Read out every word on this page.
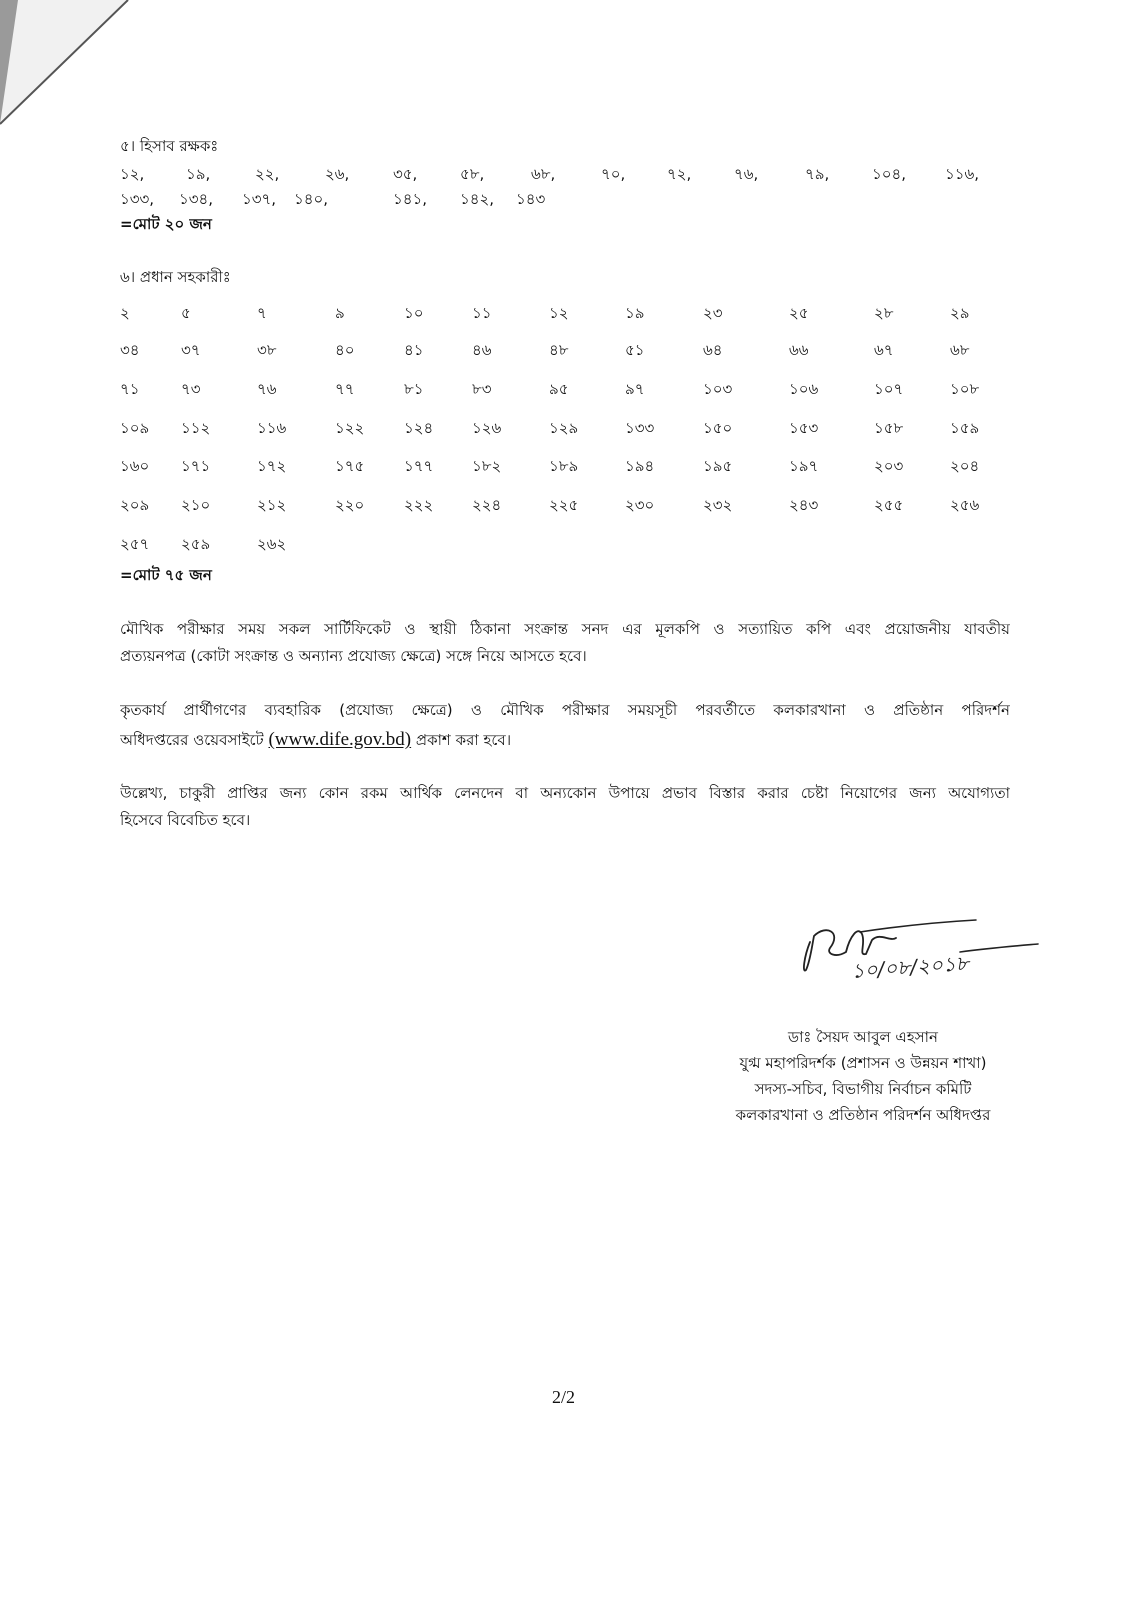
৫। হিসাব রক্ষকঃ
১২,	১৯,	২২,	২৬,	৩৫,	৫৮,	৬৮,	৭০,	৭২,	৭৬,	৭৯,	১০৪,	১১৬,
১৩৩, ১৩৪, ১৩৭, ১৪০,	১৪১, ১৪২, ১৪৩
=মোট ২০ জন
৬। প্রধান সহকারীঃ
২	৫	৭	৯	১০	১১	১২	১৯	২৩	২৫	২৮	২৯
৩৪	৩৭	৩৮	৪০	৪১	৪৬	৪৮	৫১	৬৪	৬৬	৬৭	৬৮
৭১	৭৩	৭৬	৭৭	৮১	৮৩	৯৫	৯৭	১০৩	১০৬	১০৭	১০৮
১০৯ ১১২	১১৬	১২২	১২৪	১২৬	১২৯	১৩৩	১৫০	১৫৩	১৫৮	১৫৯
১৬০ ১৭১	১৭২	১৭৫	১৭৭	১৮২	১৮৯	১৯৪	১৯৫	১৯৭	২০৩	২০৪
২০৯ ২১০	২১২	২২০	২২২	২২৪	২২৫	২৩০	২৩২	২৪৩	২৫৫	২৫৬
২৫৭ ২৫৯	২৬২
=মোট ৭৫ জন
মৌখিক পরীক্ষার সময় সকল সার্টিফিকেট ও স্থায়ী ঠিকানা সংক্রান্ত সনদ এর মূলকপি ও সত্যায়িত কপি এবং প্রয়োজনীয় যাবতীয়
প্রত্যয়নপত্র (কোটা সংক্রান্ত ও অন্যান্য প্রযোজ্য ক্ষেত্রে) সঙ্গে নিয়ে আসতে হবে।
কৃতকার্য প্রার্থীগণের ব্যবহারিক (প্রযোজ্য ক্ষেত্রে) ও মৌখিক পরীক্ষার সময়সূচী পরবর্তীতে কলকারখানা ও প্রতিষ্ঠান পরিদর্শন
অধিদপ্তরের ওয়েবসাইটে (www.dife.gov.bd) প্রকাশ করা হবে।
উল্লেখ্য, চাকুরী প্রাপ্তির জন্য কোন রকম আর্থিক লেনদেন বা অন্যকোন উপায়ে প্রভাব বিস্তার করার চেষ্টা নিয়োগের জন্য অযোগ্যতা
হিসেবে বিবেচিত হবে।
১০/০৮/২০১৮
ডাঃ সৈয়দ আবুল এহসান
যুগ্ম মহাপরিদর্শক (প্রশাসন ও উন্নয়ন শাখা)
সদস্য-সচিব, বিভাগীয় নির্বাচন কমিটি
কলকারখানা ও প্রতিষ্ঠান পরিদর্শন অধিদপ্তর
2/2
